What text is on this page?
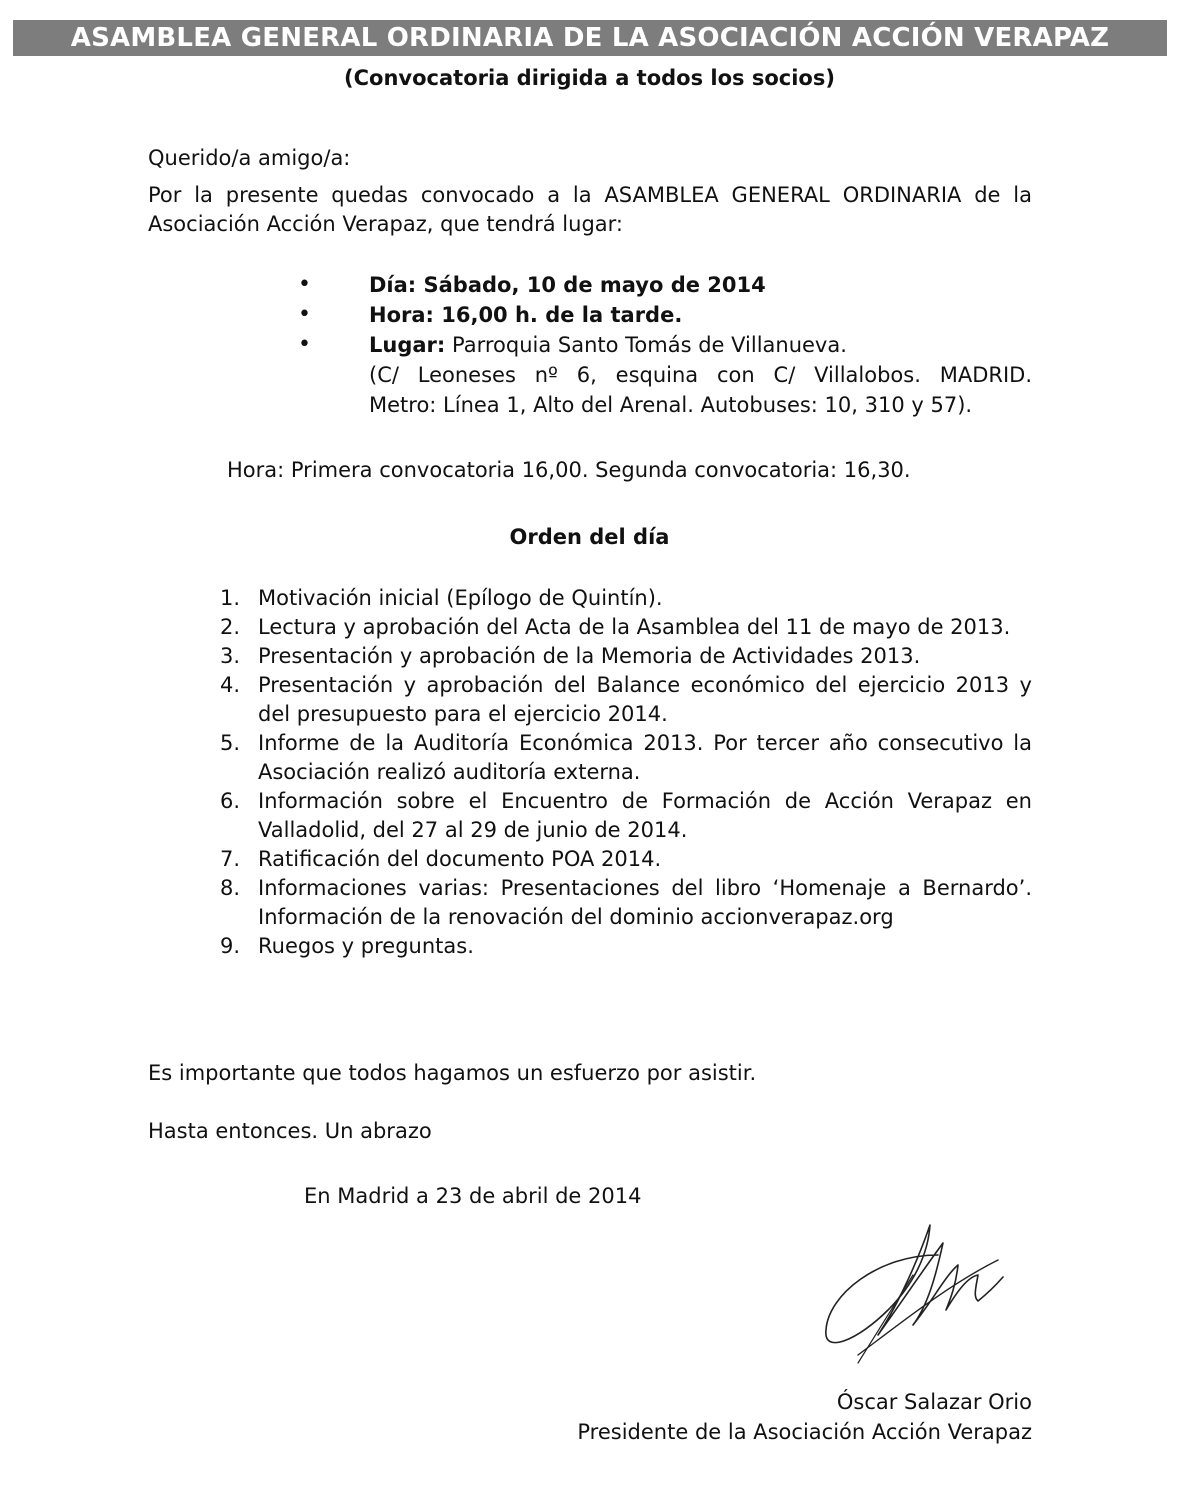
ASAMBLEA GENERAL ORDINARIA DE LA ASOCIACIÓN ACCIÓN VERAPAZ
(Convocatoria dirigida a todos los socios)
Querido/a amigo/a:
Por la presente quedas convocado a la ASAMBLEA GENERAL ORDINARIA de la
Asociación Acción Verapaz, que tendrá lugar:
•	Día: Sábado, 10 de mayo de 2014
•	Hora: 16,00 h. de la tarde.
•	Lugar: Parroquia Santo Tomás de Villanueva.
(C/ Leoneses nº 6, esquina con C/ Villalobos. MADRID.
Metro: Línea 1, Alto del Arenal. Autobuses: 10, 310 y 57).
Hora: Primera convocatoria 16,00. Segunda convocatoria: 16,30.
Orden del día
1. Motivación inicial (Epílogo de Quintín).
2. Lectura y aprobación del Acta de la Asamblea del 11 de mayo de 2013.
3. Presentación y aprobación de la Memoria de Actividades 2013.
4. Presentación y aprobación del Balance económico del ejercicio 2013 y del presupuesto para el ejercicio 2014.
5. Informe de la Auditoría Económica 2013. Por tercer año consecutivo la Asociación realizó auditoría externa.
6. Información sobre el Encuentro de Formación de Acción Verapaz en Valladolid, del 27 al 29 de junio de 2014.
7. Ratificación del documento POA 2014.
8. Informaciones varias: Presentaciones del libro ‘Homenaje a Bernardo’. Información de la renovación del dominio accionverapaz.org
9. Ruegos y preguntas.
Es importante que todos hagamos un esfuerzo por asistir.
Hasta entonces. Un abrazo
En Madrid a 23 de abril de 2014
Óscar Salazar Orio
Presidente de la Asociación Acción Verapaz
